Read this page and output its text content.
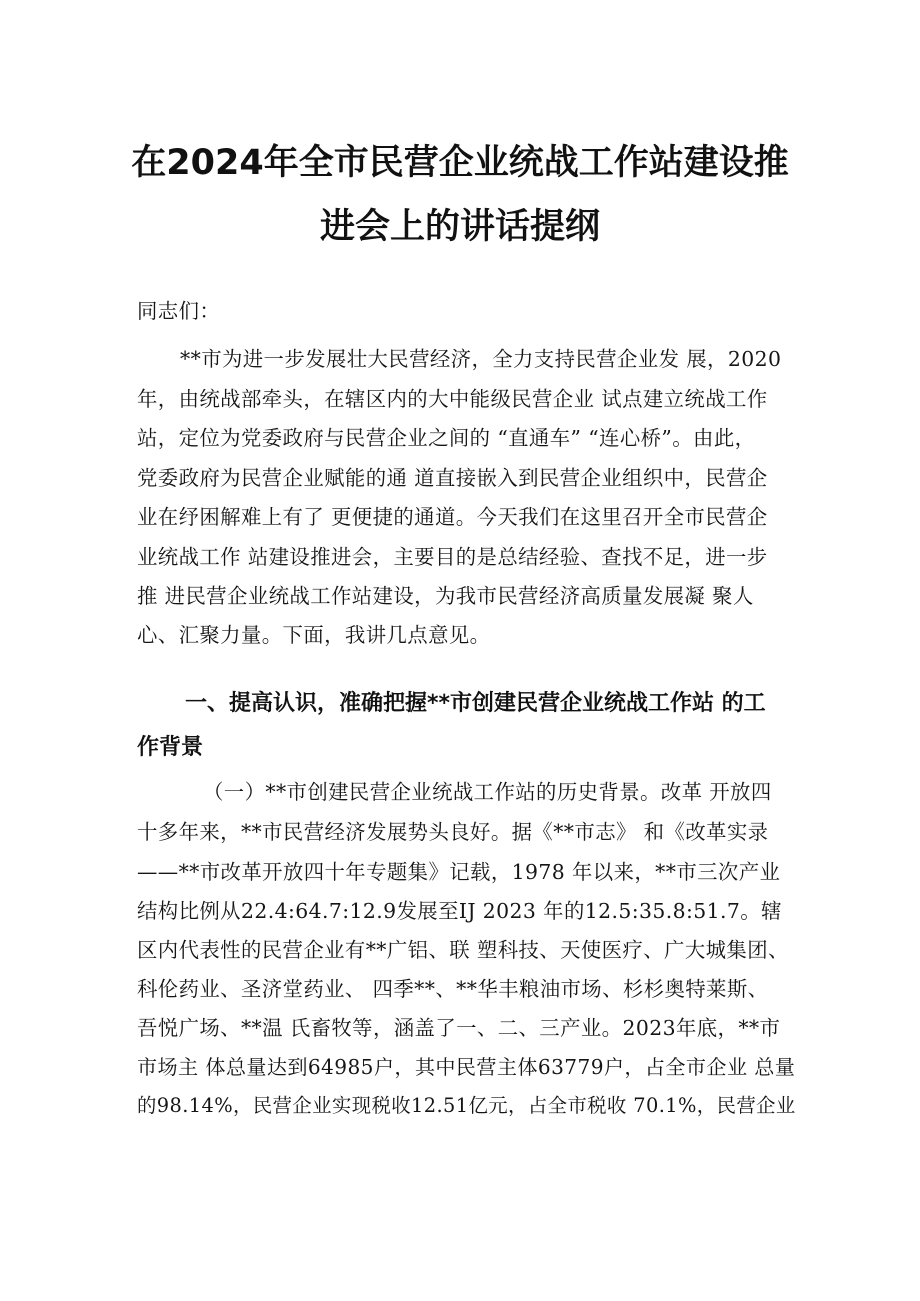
在2024年全市民营企业统战工作站建设推
进会上的讲话提纲
同志们：
**市为进一步发展壮大民营经济，全力支持民营企业发 展，2020
年，由统战部牵头，在辖区内的大中能级民营企业 试点建立统战工作
站，定位为党委政府与民营企业之间的 “直通车” “连心桥”。由此，
党委政府为民营企业赋能的通 道直接嵌入到民营企业组织中，民营企
业在纾困解难上有了 更便捷的通道。今天我们在这里召开全市民营企
业统战工作 站建设推进会，主要目的是总结经验、查找不足，进一步
推 进民营企业统战工作站建设，为我市民营经济高质量发展凝 聚人
心、汇聚力量。下面，我讲几点意见。
一、提高认识，准确把握**市创建民营企业统战工作站 的工
作背景
（一）**市创建民营企业统战工作站的历史背景。改革 开放四
十多年来，**市民营经济发展势头良好。据《**市志》 和《改革实录
——**市改革开放四十年专题集》记载，1978 年以来，**市三次产业
结构比例从22.4:64.7:12.9发展至IJ 2023 年的12.5:35.8:51.7。辖
区内代表性的民营企业有**广铝、联 塑科技、天使医疗、广大城集团、
科伦药业、圣济堂药业、 四季**、**华丰粮油市场、杉杉奥特莱斯、
吾悦广场、**温 氏畜牧等，涵盖了一、二、三产业。2023年底，**市
市场主 体总量达到64985户，其中民营主体63779户，占全市企业 总量
的98.14%，民营企业实现税收12.51亿元，占全市税收 70.1%，民营企业
